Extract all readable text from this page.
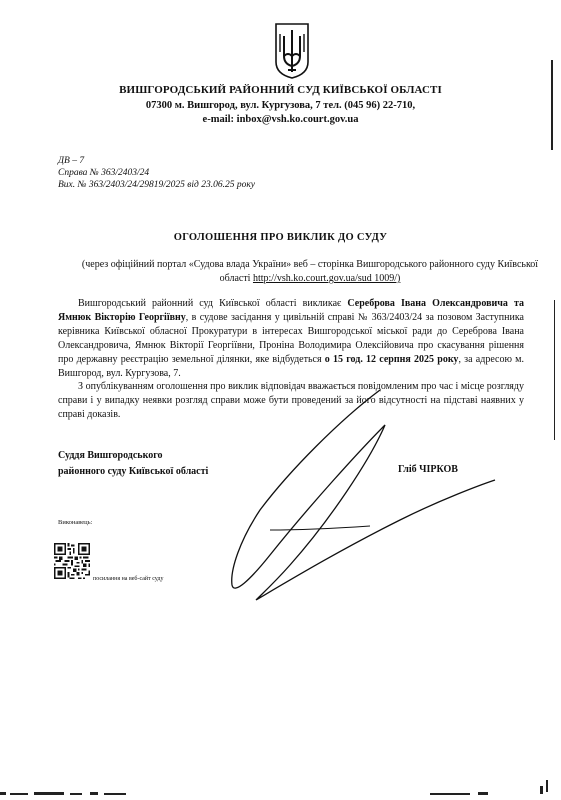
ВИШГОРОДСЬКИЙ РАЙОННИЙ СУД КИЇВСЬКОЇ ОБЛАСТІ
07300 м. Вишгород, вул. Кургузова, 7 тел. (045 96) 22-710,
e-mail: inbox@vsh.ko.court.gov.ua
ДВ – 7
Справа № 363/2403/24
Вих. № 363/2403/24/29819/2025 від 23.06.25 року
ОГОЛОШЕННЯ ПРО ВИКЛИК ДО СУДУ
(через офіційний портал «Судова влада України» веб – сторінка Вишгородського районного суду Київської області http://vsh.ko.court.gov.ua/sud 1009/)

Вишгородський районний суд Київської області викликає Сереброва Івана Олександровича та Ямнюк Вікторію Георгіївну, в судове засідання у цивільній справі № 363/2403/24 за позовом Заступника керівника Київської обласної Прокуратури в інтересах Вишгородської міської ради до Сереброва Івана Олександровича, Ямнюк Вікторії Георгіївни, Проніна Володимира Олексійовича про скасування рішення про державну реєстрацію земельної ділянки, яке відбудеться о 15 год. 12 серпня 2025 року, за адресою м. Вишгород, вул. Кургузова, 7.

З опублікуванням оголошення про виклик відповідач вважається повідомленим про час і місце розгляду справи і у випадку неявки розгляд справи може бути проведений за його відсутності на підставі наявних у справі доказів.

Суддя Вишгородського
районного суду Київської області	Гліб ЧІРКОВ
Виконавець:
посилання на веб-сайт суду
